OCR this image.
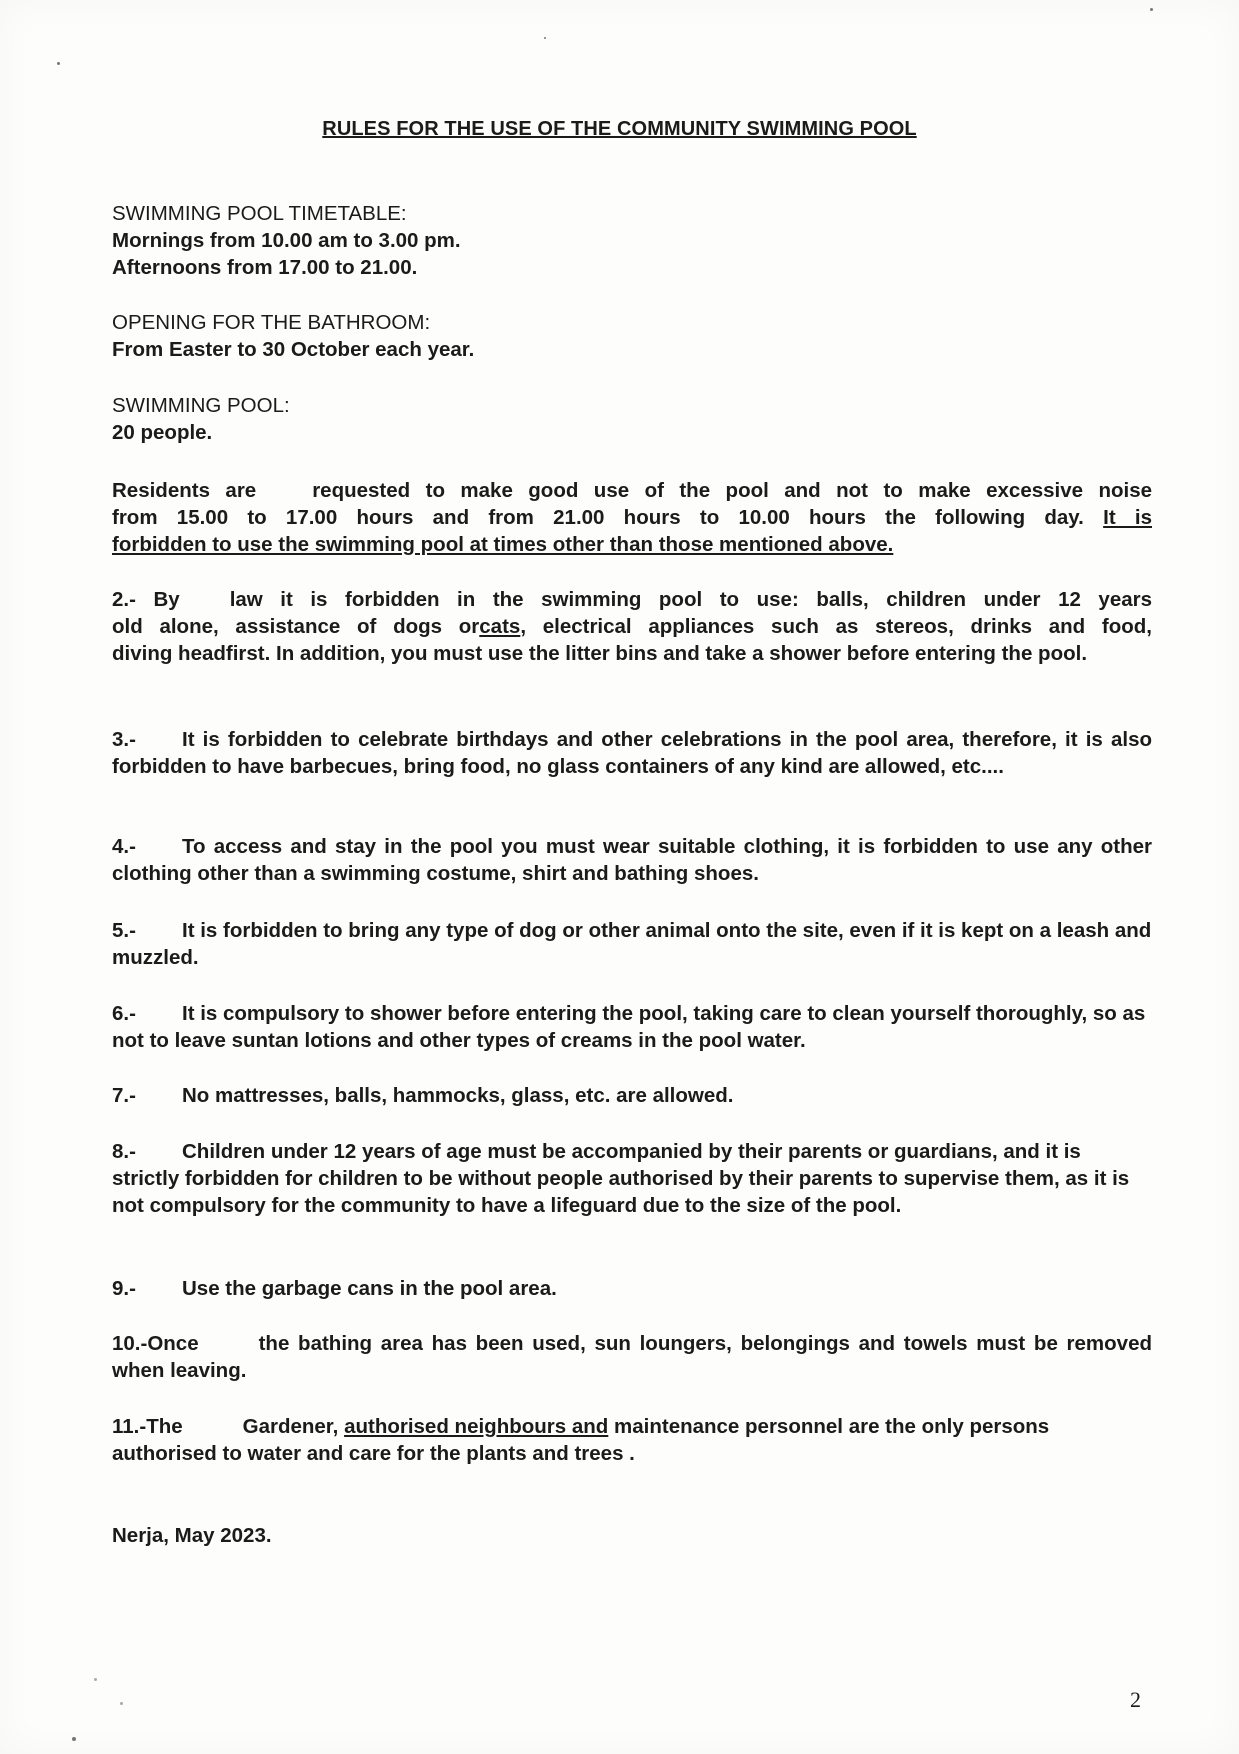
RULES FOR THE USE OF THE COMMUNITY SWIMMING POOL
SWIMMING POOL TIMETABLE:
Mornings from 10.00 am to 3.00 pm.
Afternoons from 17.00 to 21.00.
OPENING FOR THE BATHROOM:
From Easter to 30 October each year.
SWIMMING POOL:
20 people.
Residents are	requested to make good use of the pool and not to make excessive noise
from 15.00 to 17.00 hours and from 21.00 hours to 10.00 hours the following day. It is
forbidden to use the swimming pool at times other than those mentioned above.
2.- By law it is forbidden in the swimming pool to use: balls, children under 12 years
old alone, assistance of dogs orcats, electrical appliances such as stereos, drinks and food,
diving headfirst. In addition, you must use the litter bins and take a shower before entering the pool.
3.- It is forbidden to celebrate birthdays and other celebrations in the pool area, therefore, it is also forbidden to have barbecues, bring food, no glass containers of any kind are allowed, etc....
4.- To access and stay in the pool you must wear suitable clothing, it is forbidden to use any other clothing other than a swimming costume, shirt and bathing shoes.
5.- It is forbidden to bring any type of dog or other animal onto the site, even if it is kept on a leash and muzzled.
6.- It is compulsory to shower before entering the pool, taking care to clean yourself thoroughly, so as not to leave suntan lotions and other types of creams in the pool water.
7.- No mattresses, balls, hammocks, glass, etc. are allowed.
8.- Children under 12 years of age must be accompanied by their parents or guardians, and it is strictly forbidden for children to be without people authorised by their parents to supervise them, as it is not compulsory for the community to have a lifeguard due to the size of the pool.
9.- Use the garbage cans in the pool area.
10.-Once	the bathing area has been used, sun loungers, belongings and towels must be removed when leaving.
11.-The	Gardener, authorised neighbours and maintenance personnel are the only persons authorised to water and care for the plants and trees .
Nerja, May 2023.
2
